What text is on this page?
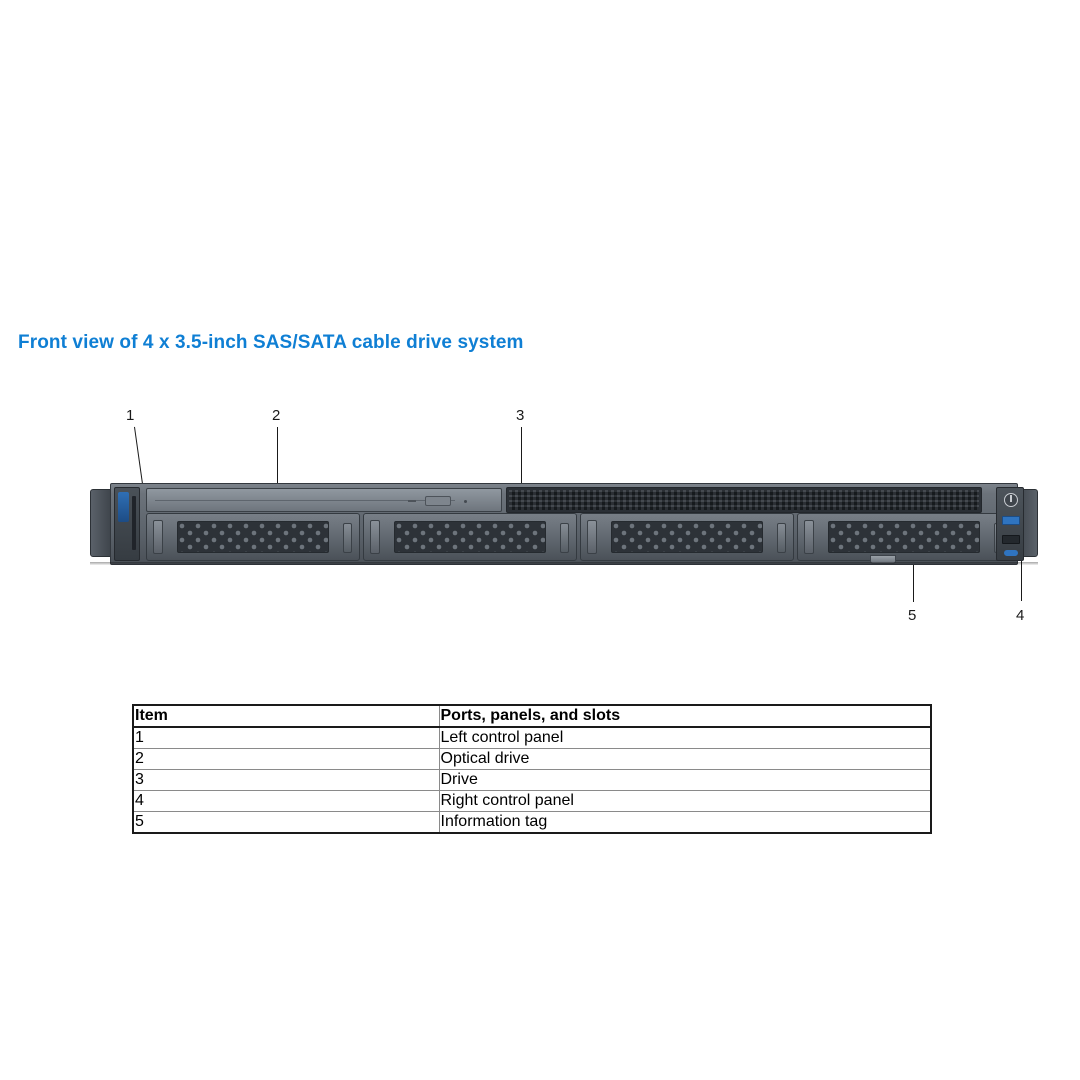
Front view of 4 x 3.5-inch SAS/SATA cable drive system
1	2	3
4
5
Item	Ports, panels, and slots
1	Left control panel
2	Optical drive
3	Drive
4	Right control panel
5	Information tag
